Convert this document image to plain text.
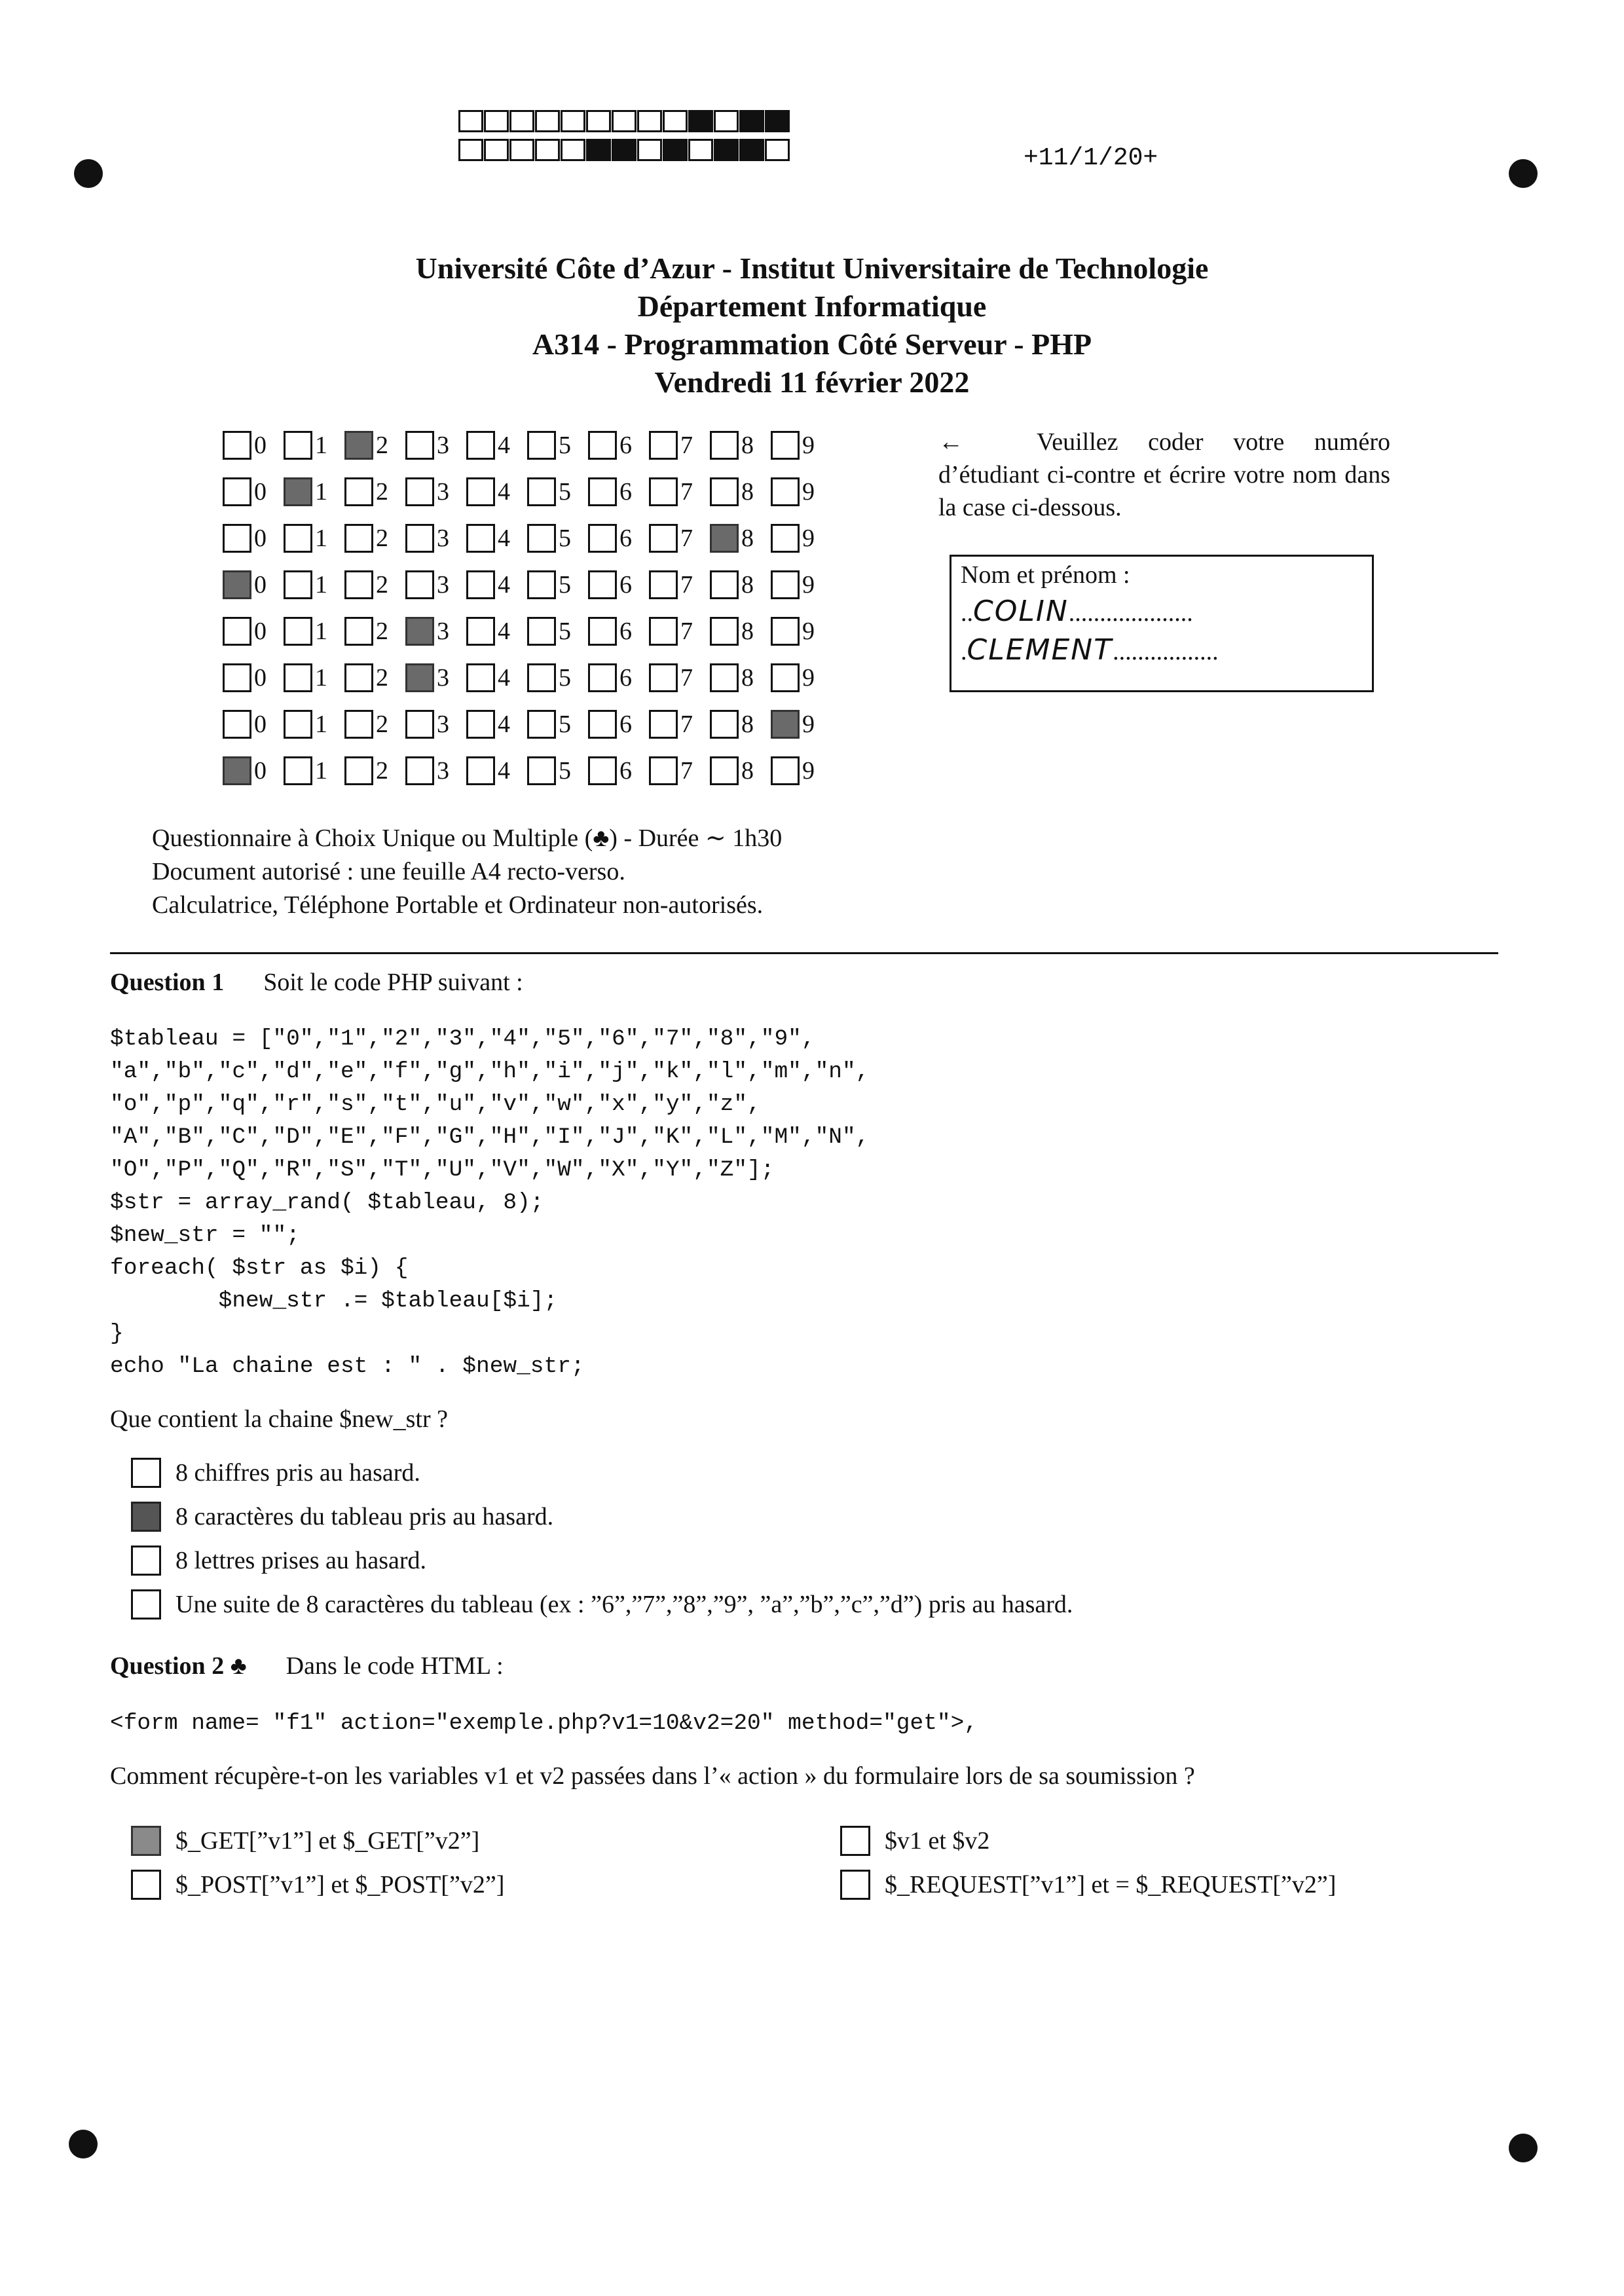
+11/1/20+
Université Côte d’Azur - Institut Universitaire de Technologie
Département Informatique
A314 - Programmation Côté Serveur - PHP
Vendredi 11 février 2022
0 1 2 3 4 5 6 7 8 9
0 1 2 3 4 5 6 7 8 9
0 1 2 3 4 5 6 7 8 9
0 1 2 3 4 5 6 7 8 9
0 1 2 3 4 5 6 7 8 9
0 1 2 3 4 5 6 7 8 9
0 1 2 3 4 5 6 7 8 9
0 1 2 3 4 5 6 7 8 9

←	Veuillez coder votre numéro d’étudiant ci-contre et écrire votre nom dans la case ci-dessous.

Nom et prénom :
..COLIN....................
.CLEMENT.................
Questionnaire à Choix Unique ou Multiple (♣) - Durée ∼ 1h30
Document autorisé : une feuille A4 recto-verso.
Calculatrice, Téléphone Portable et Ordinateur non-autorisés.
Question 1 Soit le code PHP suivant :
$tableau = ["0","1","2","3","4","5","6","7","8","9",
"a","b","c","d","e","f","g","h","i","j","k","l","m","n",
"o","p","q","r","s","t","u","v","w","x","y","z",
"A","B","C","D","E","F","G","H","I","J","K","L","M","N",
"O","P","Q","R","S","T","U","V","W","X","Y","Z"];
$str = array_rand( $tableau, 8);
$new_str = "";
foreach( $str as $i) {
$new_str .= $tableau[$i];
}
echo "La chaine est : " . $new_str;
Que contient la chaine $new_str ?
8 chiffres pris au hasard.
8 caractères du tableau pris au hasard.
8 lettres prises au hasard.
Une suite de 8 caractères du tableau (ex : ”6”,”7”,”8”,”9”, ”a”,”b”,”c”,”d”) pris au hasard.
Question 2 ♣ Dans le code HTML :
<form name= "f1" action="exemple.php?v1=10&v2=20" method="get">,
Comment récupère-t-on les variables v1 et v2 passées dans l’« action » du formulaire lors de sa soumission ?
$_GET[”v1”] et $_GET[”v2”]	$v1 et $v2
$_POST[”v1”] et $_POST[”v2”]	$_REQUEST[”v1”] et = $_REQUEST[”v2”]
